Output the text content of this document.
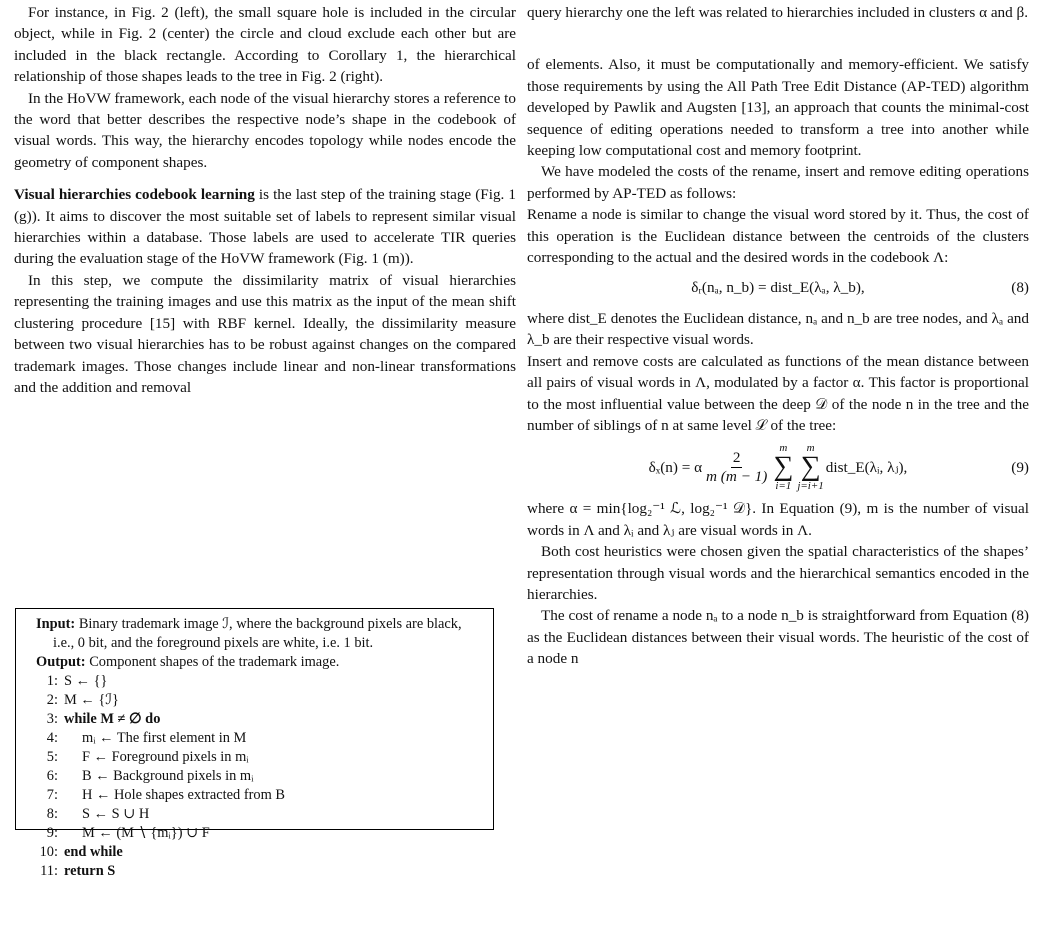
For instance, in Fig. 2 (left), the small square hole is included in the circular object, while in Fig. 2 (center) the circle and cloud exclude each other but are included in the black rectangle. According to Corollary 1, the hierarchical relationship of those shapes leads to the tree in Fig. 2 (right).

In the HoVW framework, each node of the visual hierarchy stores a reference to the word that better describes the respective node’s shape in the codebook of visual words. This way, the hierarchy encodes topology while nodes encode the geometry of component shapes.

Visual hierarchies codebook learning is the last step of the training stage (Fig. 1 (g)). It aims to discover the most suitable set of labels to represent similar visual hierarchies within a database. Those labels are used to accelerate TIR queries during the evaluation stage of the HoVW framework (Fig. 1 (m)).

In this step, we compute the dissimilarity matrix of visual hierarchies representing the training images and use this matrix as the input of the mean shift clustering procedure [15] with RBF kernel. Ideally, the dissimilarity measure between two visual hierarchies has to be robust against changes on the compared trademark images. Those changes include linear and non-linear transformations and the addition and removal

Input: Binary trademark image ℐ, where the background pixels are black, i.e., 0 bit, and the foreground pixels are white, i.e. 1 bit.

Output: Component shapes of the trademark image.

1: S ← {}
2: M ← {ℐ}
3: while M ≠ ∅ do
4:	mᵢ ← The first element in M
5:	F ← Foreground pixels in mᵢ
6:	B ← Background pixels in mᵢ
7:	H ← Hole shapes extracted from B
8:	S ← S ∪ H
9:	M ← (M ∖ {mᵢ}) ∪ F
10: end while
11: return S

query hierarchy one the left was related to hierarchies included in clusters α and β.

of elements. Also, it must be computationally and memory-efficient. We satisfy those requirements by using the All Path Tree Edit Distance (AP-TED) algorithm developed by Pawlik and Augsten [13], an approach that counts the minimal-cost sequence of editing operations needed to transform a tree into another while keeping low computational cost and memory footprint.

We have modeled the costs of the rename, insert and remove editing operations performed by AP-TED as follows:

Rename a node is similar to change the visual word stored by it. Thus, the cost of this operation is the Euclidean distance between the centroids of the clusters corresponding to the actual and the desired words in the codebook Λ:

δᵣ(nₐ, n_b) = dist_E(λₐ, λ_b),	(8)

where dist_E denotes the Euclidean distance, nₐ and n_b are tree nodes, and λₐ and λ_b are their respective visual words.

Insert and remove costs are calculated as functions of the mean distance between all pairs of visual words in Λ, modulated by a factor α. This factor is proportional to the most influential value between the deep 𝒟 of the node n in the tree and the number of siblings of n at same level ℒ of the tree:

δₓ(n) = α $\frac{2}{m (m - 1)}$
m
∑
i=1
m
∑
j=i+1
dist_E(λᵢ, λⱼ),	(9)

where α = min{log₂⁻¹ ℒ, log₂⁻¹ 𝒟}. In Equation (9), m is the number of visual words in Λ and λᵢ and λⱼ are visual words in Λ.

Both cost heuristics were chosen given the spatial characteristics of the shapes’ representation through visual words and the hierarchical semantics encoded in the hierarchies.

The cost of rename a node nₐ to a node n_b is straightforward from Equation (8) as the Euclidean distances between their visual words. The heuristic of the cost of a node n
